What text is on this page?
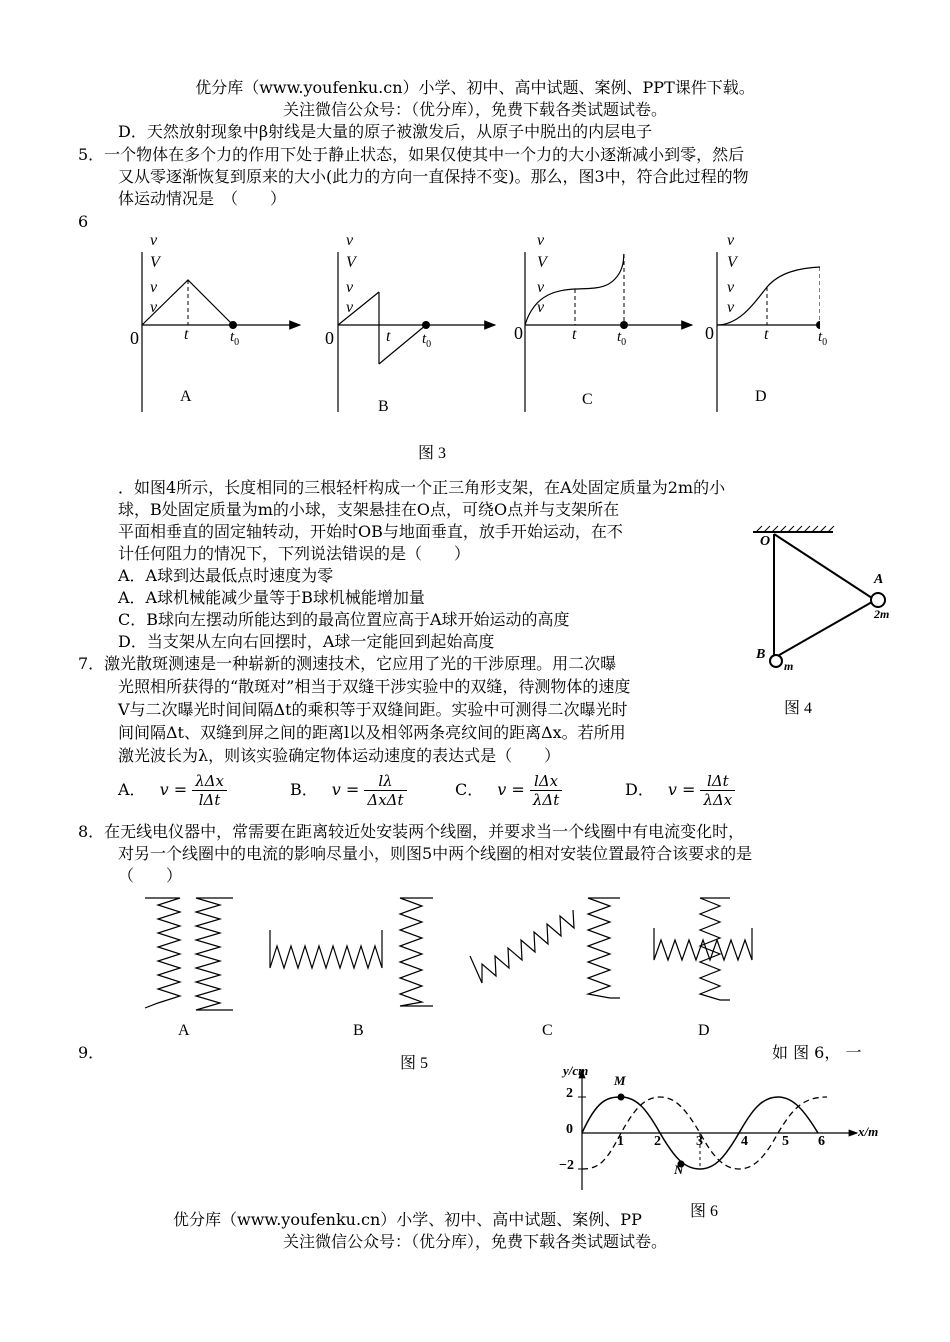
优分库（www.youfenku.cn）小学、初中、高中试题、案例、PPT课件下载。
关注微信公众号：（优分库），免费下载各类试题试卷。
D．天然放射现象中β射线是大量的原子被激发后，从原子中脱出的内层电子
5．一个物体在多个力的作用下处于静止状态，如果仅使其中一个力的大小逐渐减小到零，然后
又从零逐渐恢复到原来的大小(此力的方向一直保持不变)。那么，图3中，符合此过程的物
体运动情况是　（　　）
6
v
V
v
v
0	t	$t_0$
A
v
V
v
v
0	t $t_0$
B
v
V
v
v
0	t	$t_0$
C
v
V
v
v
0	t	$t_0$
D
图 3
．如图4所示，长度相同的三根轻杆构成一个正三角形支架，在A处固定质量为2m的小
球，B处固定质量为m的小球，支架悬挂在O点，可绕O点并与支架所在
平面相垂直的固定轴转动，开始时OB与地面垂直，放手开始运动，在不
计任何阻力的情况下，下列说法错误的是（　　）
A．A球到达最低点时速度为零
A．A球机械能减少量等于B球机械能增加量
C．B球向左摆动所能达到的最高位置应高于A球开始运动的高度
D．当支架从左向右回摆时，A球一定能回到起始高度
O
A
2m
B
m
图 4
7．激光散斑测速是一种崭新的测速技术，它应用了光的干涉原理。用二次曝
光照相所获得的“散斑对”相当于双缝干涉实验中的双缝，待测物体的速度
V与二次曝光时间间隔Δt的乘积等于双缝间距。实验中可测得二次曝光时
间间隔Δt、双缝到屏之间的距离l以及相邻两条亮纹间的距离Δx。若所用
激光波长为λ，则该实验确定物体运动速度的表达式是（　　）
A． $v = \frac{\text{λΔx}}{\text{lΔt}}$	B． $v = \frac{l\lambda}{\text{ΔxΔt}}$	C． $v = \frac{\text{lΔx}}{\text{λΔt}}$	D． $v = \frac{\text{lΔt}}{\text{λΔx}}$
8．在无线电仪器中，常需要在距离较近处安装两个线圈，并要求当一个线圈中有电流变化时，
对另一个线圈中的电流的影响尽量小，则图5中两个线圈的相对安装位置最符合该要求的是
（　　）
A	B	C	D
图 5
9．	如 图 6， 一
y/cm
x/m
2
0
−2
1 2	3	4 5 6
M
N
图 6
优分库（www.youfenku.cn）小学、初中、高中试题、案例、PP
关注微信公众号：（优分库），免费下载各类试题试卷。
